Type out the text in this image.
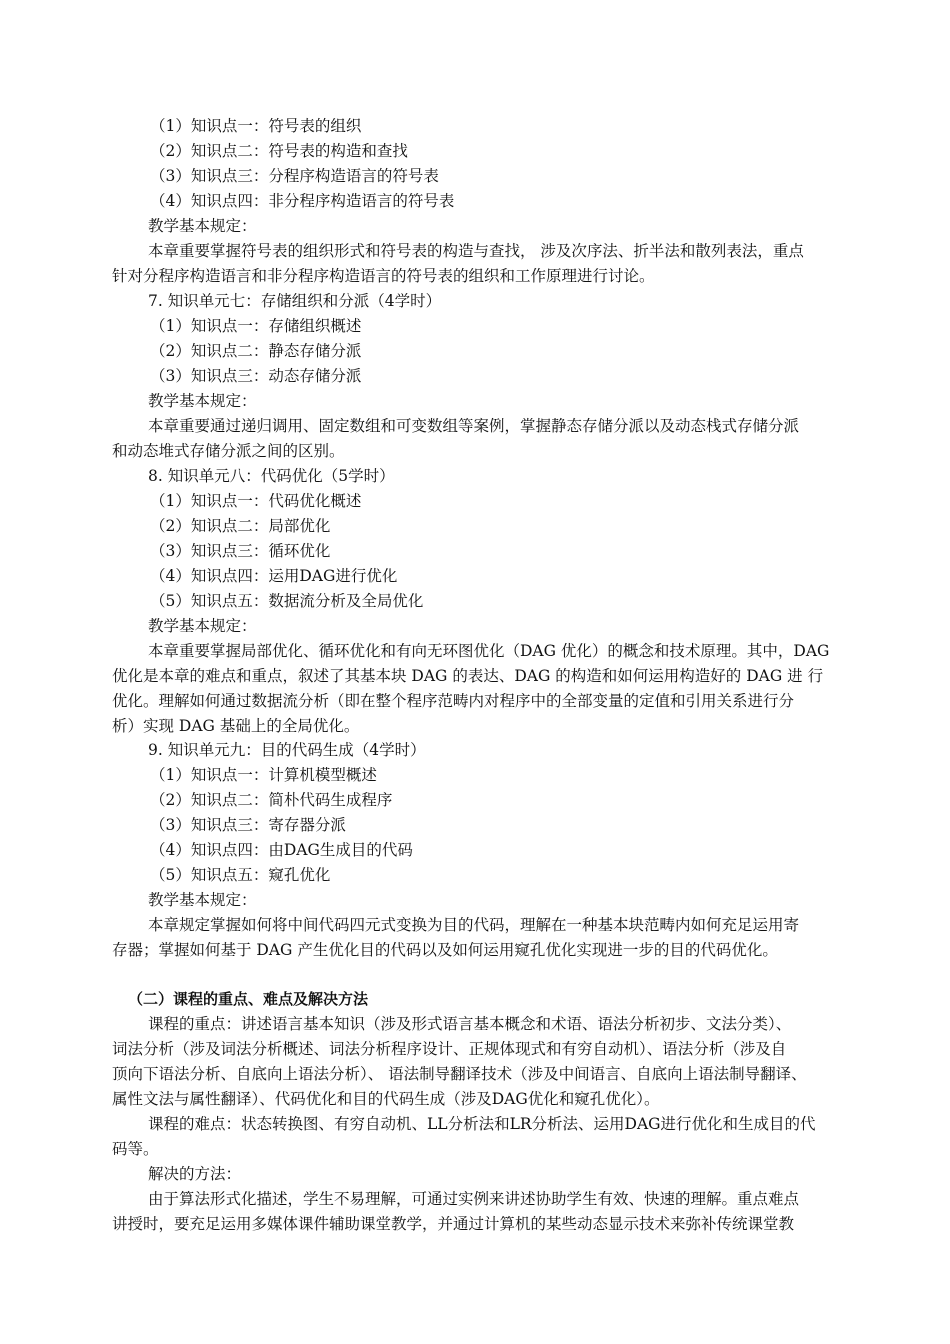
（1）知识点一：符号表的组织
（2）知识点二：符号表的构造和查找
（3）知识点三：分程序构造语言的符号表
（4）知识点四：非分程序构造语言的符号表
教学基本规定：
本章重要掌握符号表的组织形式和符号表的构造与查找， 涉及次序法、折半法和散列表法，重点
针对分程序构造语言和非分程序构造语言的符号表的组织和工作原理进行讨论。
7. 知识单元七：存储组织和分派（4学时）
（1）知识点一：存储组织概述
（2）知识点二：静态存储分派
（3）知识点三：动态存储分派
教学基本规定：
本章重要通过递归调用、固定数组和可变数组等案例，掌握静态存储分派以及动态栈式存储分派
和动态堆式存储分派之间的区别。
8. 知识单元八：代码优化（5学时）
（1）知识点一：代码优化概述
（2）知识点二：局部优化
（3）知识点三：循环优化
（4）知识点四：运用DAG进行优化
（5）知识点五：数据流分析及全局优化
教学基本规定：
本章重要掌握局部优化、循环优化和有向无环图优化（DAG 优化）的概念和技术原理。其中，DAG
优化是本章的难点和重点，叙述了其基本块 DAG 的表达、DAG 的构造和如何运用构造好的 DAG 进 行
优化。理解如何通过数据流分析（即在整个程序范畴内对程序中的全部变量的定值和引用关系进行分
析）实现 DAG 基础上的全局优化。
9. 知识单元九：目的代码生成（4学时）
（1）知识点一：计算机模型概述
（2）知识点二：简朴代码生成程序
（3）知识点三：寄存器分派
（4）知识点四：由DAG生成目的代码
（5）知识点五：窥孔优化
教学基本规定：
本章规定掌握如何将中间代码四元式变换为目的代码，理解在一种基本块范畴内如何充足运用寄
存器；掌握如何基于 DAG 产生优化目的代码以及如何运用窥孔优化实现进一步的目的代码优化。
（二）课程的重点、难点及解决方法
课程的重点：讲述语言基本知识（涉及形式语言基本概念和术语、语法分析初步、文法分类）、
词法分析（涉及词法分析概述、词法分析程序设计、正规体现式和有穷自动机）、语法分析（涉及自
顶向下语法分析、自底向上语法分析）、 语法制导翻译技术（涉及中间语言、自底向上语法制导翻译、
属性文法与属性翻译）、代码优化和目的代码生成（涉及DAG优化和窥孔优化）。
课程的难点：状态转换图、有穷自动机、LL分析法和LR分析法、运用DAG进行优化和生成目的代
码等。
解决的方法：
由于算法形式化描述，学生不易理解，可通过实例来讲述协助学生有效、快速的理解。重点难点
讲授时，要充足运用多媒体课件辅助课堂教学，并通过计算机的某些动态显示技术来弥补传统课堂教
